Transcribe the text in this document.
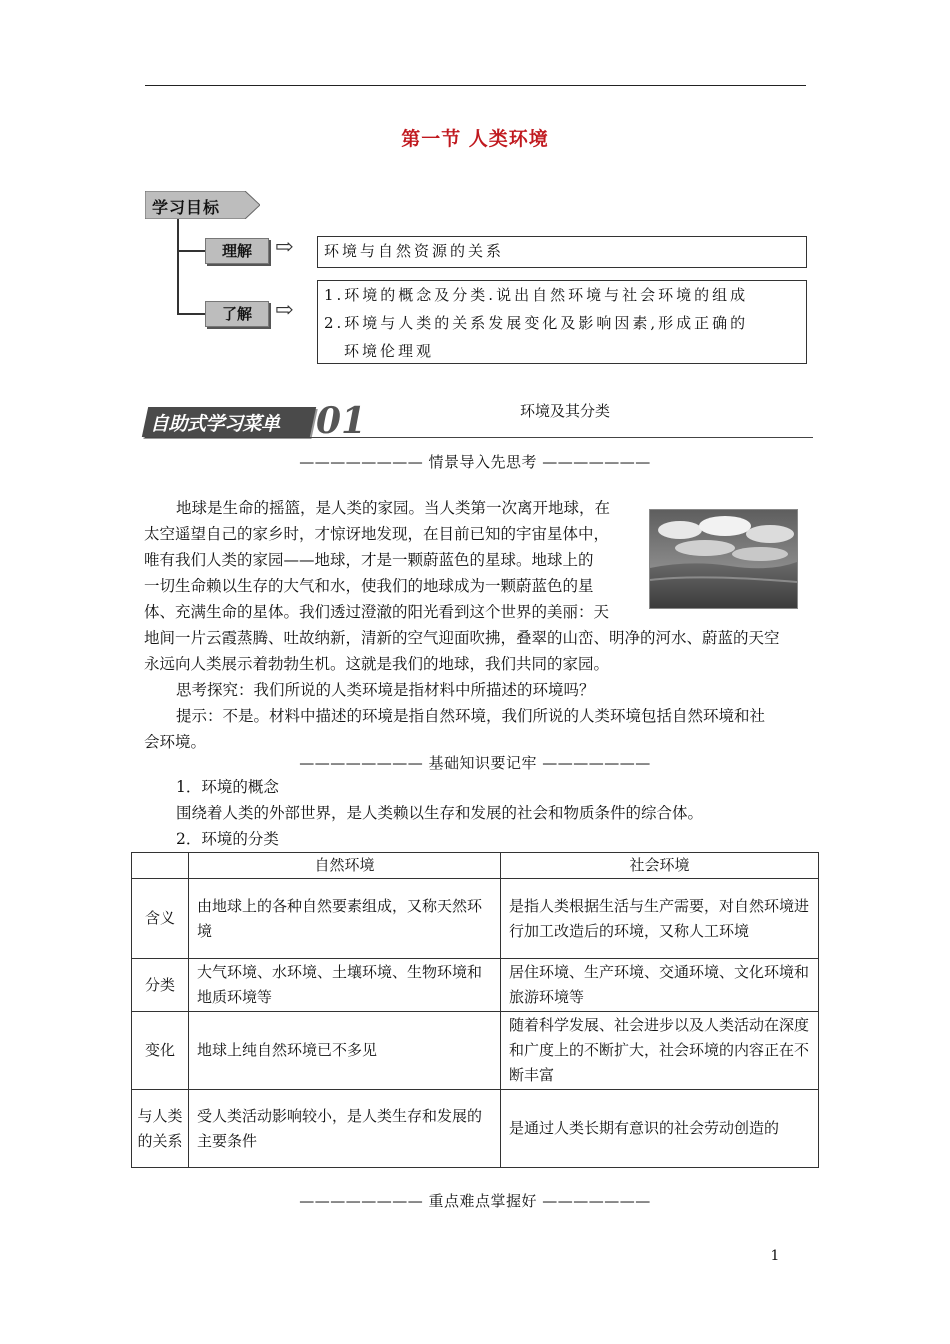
第一节 人类环境
学习目标
理解	⇨ 环境与自然资源的关系
了解	⇨
1.环境的概念及分类.说出自然环境与社会环境的组成
2.环境与人类的关系发展变化及影响因素,形成正确的
环境伦理观
自助式学习菜单 01	环境及其分类
———————— 情景导入先思考 ———————
地球是生命的摇篮，是人类的家园。当人类第一次离开地球，在
太空遥望自己的家乡时，才惊讶地发现，在目前已知的宇宙星体中，
唯有我们人类的家园——地球，才是一颗蔚蓝色的星球。地球上的
一切生命赖以生存的大气和水，使我们的地球成为一颗蔚蓝色的星
体、充满生命的星体。我们透过澄澈的阳光看到这个世界的美丽：天
地间一片云霞蒸腾、吐故纳新，清新的空气迎面吹拂，叠翠的山峦、明净的河水、蔚蓝的天空
永远向人类展示着勃勃生机。这就是我们的地球，我们共同的家园。
思考探究：我们所说的人类环境是指材料中所描述的环境吗？
提示：不是。材料中描述的环境是指自然环境，我们所说的人类环境包括自然环境和社
会环境。
———————— 基础知识要记牢 ———————
1．环境的概念
围绕着人类的外部世界，是人类赖以生存和发展的社会和物质条件的综合体。
2．环境的分类
	自然环境	社会环境
含义	由地球上的各种自然要素组成，又称天然环境	是指人类根据生活与生产需要，对自然环境进行加工改造后的环境，又称人工环境
分类	大气环境、水环境、土壤环境、生物环境和地质环境等	居住环境、生产环境、交通环境、文化环境和旅游环境等
变化	地球上纯自然环境已不多见	随着科学发展、社会进步以及人类活动在深度和广度上的不断扩大，社会环境的内容正在不断丰富
与人类的关系	受人类活动影响较小，是人类生存和发展的主要条件	是通过人类长期有意识的社会劳动创造的
———————— 重点难点掌握好 ———————
1
